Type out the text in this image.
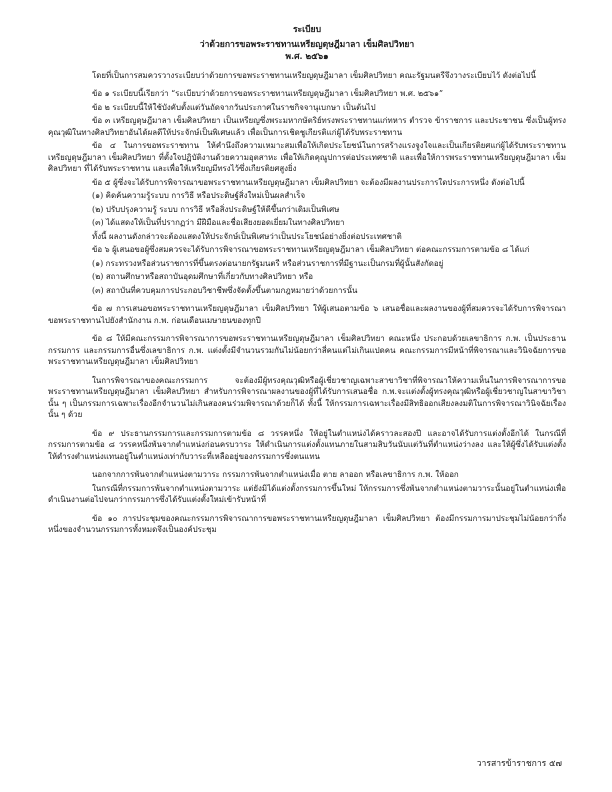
ระเบียบ
ว่าด้วยการขอพระราชทานเหรียญดุษฎีมาลา เข็มศิลปวิทยา
พ.ศ. ๒๕๖๑

โดยที่เป็นการสมควรวางระเบียบว่าด้วยการขอพระราชทานเหรียญดุษฎีมาลา เข็มศิลปวิทยา คณะรัฐมนตรีจึงวางระเบียบไว้ ดังต่อไปนี้

ข้อ ๑ ระเบียบนี้เรียกว่า “ระเบียบว่าด้วยการขอพระราชทานเหรียญดุษฎีมาลา เข็มศิลปวิทยา พ.ศ. ๒๕๖๑”

ข้อ ๒ ระเบียบนี้ให้ใช้บังคับตั้งแต่วันถัดจากวันประกาศในราชกิจจานุเบกษา เป็นต้นไป

ข้อ ๓ เหรียญดุษฎีมาลา เข็มศิลปวิทยา เป็นเหรียญซึ่งพระมหากษัตริย์ทรงพระราชทานแก่ทหาร ตำรวจ ข้าราชการ และประชาชน ซึ่งเป็นผู้ทรงคุณวุฒิในทางศิลปวิทยาอันได้ผลดีให้ประจักษ์เป็นพิเศษแล้ว เพื่อเป็นการเชิดชูเกียรติแก่ผู้ได้รับพระราชทาน

ข้อ ๔ ในการขอพระราชทาน ให้คำนึงถึงความเหมาะสมเพื่อให้เกิดประโยชน์ในการสร้างแรงจูงใจและเป็นเกียรติยศแก่ผู้ได้รับพระราชทานเหรียญดุษฎีมาลา เข็มศิลปวิทยา ที่ตั้งใจปฏิบัติงานด้วยความอุตสาหะ เพื่อให้เกิดคุณูปการต่อประเทศชาติ และเพื่อให้การพระราชทานเหรียญดุษฎีมาลา เข็มศิลปวิทยา ที่ได้รับพระราชทาน และเพื่อให้เหรียญมีทรงไว้ซึ่งเกียรติยศสูงยิ่ง

ข้อ ๕ ผู้ซึ่งจะได้รับการพิจารณาขอพระราชทานเหรียญดุษฎีมาลา เข็มศิลปวิทยา จะต้องมีผลงานประการใดประการหนึ่ง ดังต่อไปนี้

(๑) คิดค้นความรู้ระบบ การวิธี หรือประดิษฐ์สิ่งใหม่เป็นผลสำเร็จ

(๒) ปรับปรุงความรู้ ระบบ การวิธี หรือสิ่งประดิษฐ์ให้ดีขึ้นกว่าเดิมเป็นพิเศษ

(๓) ได้แสดงให้เป็นที่ปรากฏว่า มีฝีมือและชื่อเสียงยอดเยี่ยมในทางศิลปวิทยา

ทั้งนี้ ผลงานดังกล่าวจะต้องแสดงให้ประจักษ์เป็นพิเศษว่าเป็นประโยชน์อย่างยิ่งต่อประเทศชาติ

ข้อ ๖ ผู้เสนอขอผู้ซึ่งสมควรจะได้รับการพิจารณาขอพระราชทานเหรียญดุษฎีมาลา เข็มศิลปวิทยา ต่อคณะกรรมการตามข้อ ๘ ได้แก่

(๑) กระทรวงหรือส่วนราชการที่ขึ้นตรงต่อนายกรัฐมนตรี หรือส่วนราชการที่มีฐานะเป็นกรมที่ผู้นั้นสังกัดอยู่

(๒) สถานศึกษาหรือสถาบันอุดมศึกษาที่เกี่ยวกับทางศิลปวิทยา หรือ

(๓) สถาบันที่ควบคุมการประกอบวิชาชีพซึ่งจัดตั้งขึ้นตามกฎหมายว่าด้วยการนั้น

ข้อ ๗ การเสนอขอพระราชทานเหรียญดุษฎีมาลา เข็มศิลปวิทยา ให้ผู้เสนอตามข้อ ๖ เสนอชื่อและผลงานของผู้ที่สมควรจะได้รับการพิจารณาขอพระราชทานไปยังสำนักงาน ก.พ. ก่อนเดือนเมษายนของทุกปี

ข้อ ๘ ให้มีคณะกรรมการพิจารณาการขอพระราชทานเหรียญดุษฎีมาลา เข็มศิลปวิทยา คณะหนึ่ง ประกอบด้วยเลขาธิการ ก.พ. เป็นประธานกรรมการ และกรรมการอื่นซึ่งเลขาธิการ ก.พ. แต่งตั้งมีจำนวนรวมกันไม่น้อยกว่าสี่คนแต่ไม่เกินแปดคน คณะกรรมการมีหน้าที่พิจารณาและวินิจฉัยการขอพระราชทานเหรียญดุษฎีมาลา เข็มศิลปวิทยา

ในการพิจารณาของคณะกรรมการ จะต้องมีผู้ทรงคุณวุฒิหรือผู้เชี่ยวชาญเฉพาะสาขาวิชาที่พิจารณาให้ความเห็นในการพิจารณาการขอพระราชทานเหรียญดุษฎีมาลา เข็มศิลปวิทยา สำหรับการพิจารณาผลงานของผู้ที่ได้รับการเสนอชื่อ ก.พ.จะแต่งตั้งผู้ทรงคุณวุฒิหรือผู้เชี่ยวชาญในสาขาวิชานั้น ๆ เป็นกรรมการเฉพาะเรื่องอีกจำนวนไม่เกินสองคนร่วมพิจารณาด้วยก็ได้ ทั้งนี้ ให้กรรมการเฉพาะเรื่องมีสิทธิออกเสียงลงมติในการพิจารณาวินิจฉัยเรื่องนั้น ๆ ด้วย

ข้อ ๙ ประธานกรรมการและกรรมการตามข้อ ๘ วรรคหนึ่ง ให้อยู่ในตำแหน่งได้คราวละสองปี และอาจได้รับการแต่งตั้งอีกได้ ในกรณีที่กรรมการตามข้อ ๘ วรรคหนึ่งพ้นจากตำแหน่งก่อนครบวาระ ให้ดำเนินการแต่งตั้งแทนภายในสามสิบวันนับแต่วันที่ตำแหน่งว่างลง และให้ผู้ซึ่งได้รับแต่งตั้งให้ดำรงตำแหน่งแทนอยู่ในตำแหน่งเท่ากับวาระที่เหลืออยู่ของกรรมการซึ่งตนแทน

นอกจากการพ้นจากตำแหน่งตามวาระ กรรมการพ้นจากตำแหน่งเมื่อ ตาย ลาออก หรือเลขาธิการ ก.พ. ให้ออก

ในกรณีที่กรรมการพ้นจากตำแหน่งตามวาระ แต่ยังมิได้แต่งตั้งกรรมการขึ้นใหม่ ให้กรรมการซึ่งพ้นจากตำแหน่งตามวาระนั้นอยู่ในตำแหน่งเพื่อดำเนินงานต่อไปจนกว่ากรรมการซึ่งได้รับแต่งตั้งใหม่เข้ารับหน้าที่

ข้อ ๑๐ การประชุมของคณะกรรมการพิจารณาการขอพระราชทานเหรียญดุษฎีมาลา เข็มศิลปวิทยา ต้องมีกรรมการมาประชุมไม่น้อยกว่ากึ่งหนึ่งของจำนวนกรรมการทั้งหมดจึงเป็นองค์ประชุม

วารสารข้าราชการ ๕๗
